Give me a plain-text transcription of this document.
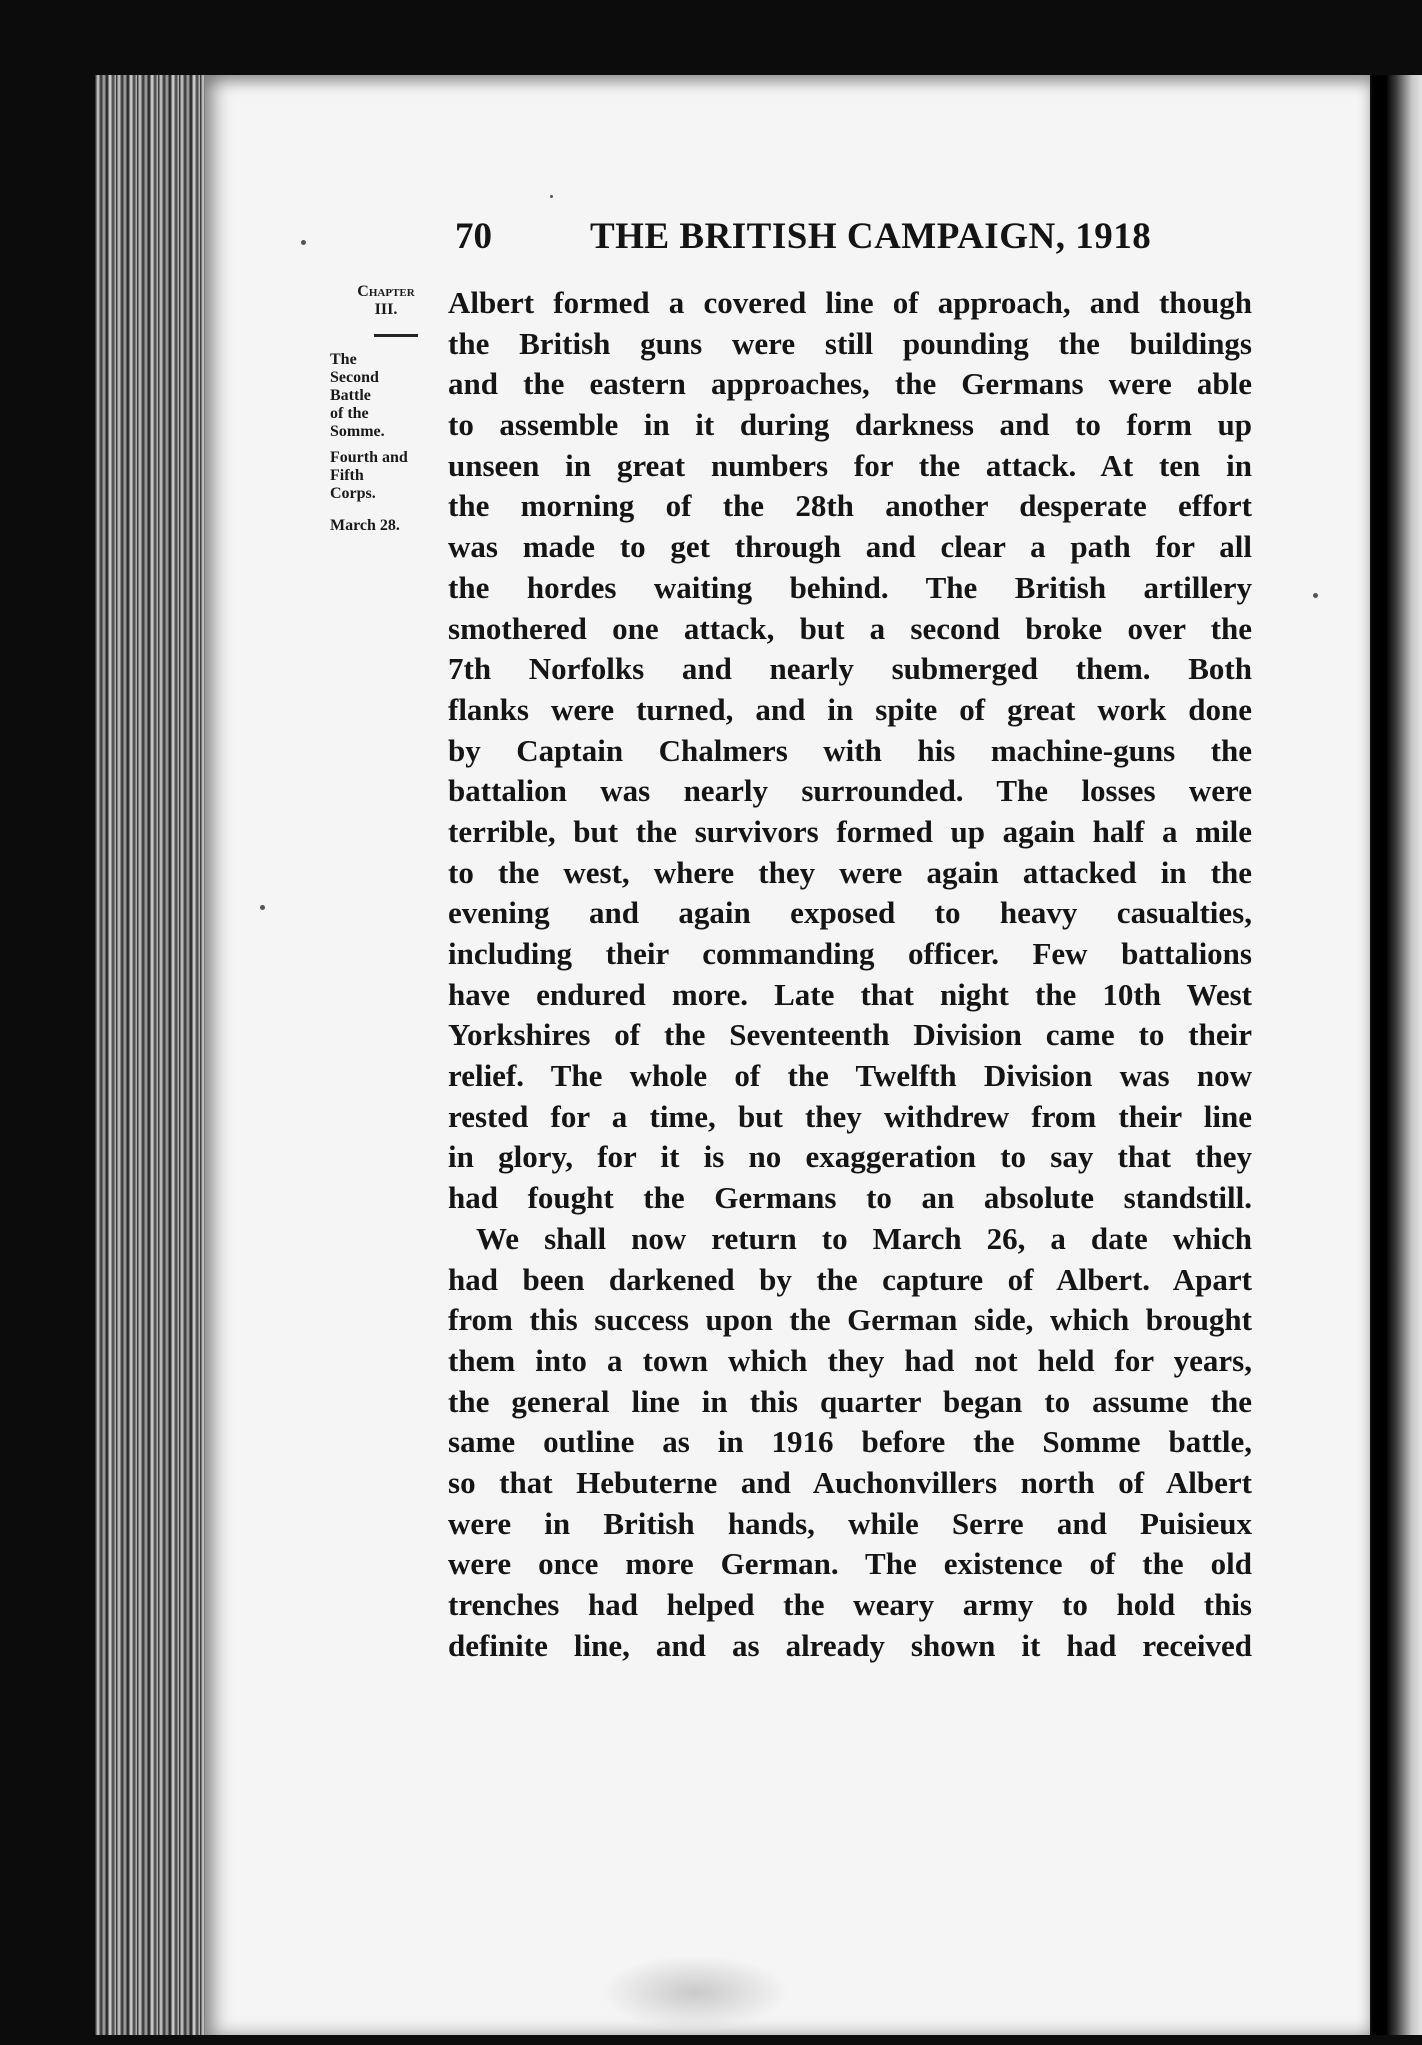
70	THE BRITISH CAMPAIGN, 1918
Chapter
III.
The
Second
Battle
of the
Somme.
Fourth and
Fifth
Corps.
March 28.
Albert formed a covered line of approach, and though
the British guns were still pounding the buildings
and the eastern approaches, the Germans were able
to assemble in it during darkness and to form up
unseen in great numbers for the attack. At ten in
the morning of the 28th another desperate effort
was made to get through and clear a path for all
the hordes waiting behind. The British artillery
smothered one attack, but a second broke over the
7th Norfolks and nearly submerged them. Both
flanks were turned, and in spite of great work done
by Captain Chalmers with his machine-guns the
battalion was nearly surrounded. The losses were
terrible, but the survivors formed up again half a mile
to the west, where they were again attacked in the
evening and again exposed to heavy casualties,
including their commanding officer. Few battalions
have endured more. Late that night the 10th West
Yorkshires of the Seventeenth Division came to their
relief. The whole of the Twelfth Division was now
rested for a time, but they withdrew from their line
in glory, for it is no exaggeration to say that they
had fought the Germans to an absolute standstill.
We shall now return to March 26, a date which
had been darkened by the capture of Albert. Apart
from this success upon the German side, which brought
them into a town which they had not held for years,
the general line in this quarter began to assume the
same outline as in 1916 before the Somme battle,
so that Hebuterne and Auchonvillers north of Albert
were in British hands, while Serre and Puisieux
were once more German. The existence of the old
trenches had helped the weary army to hold this
definite line, and as already shown it had received
